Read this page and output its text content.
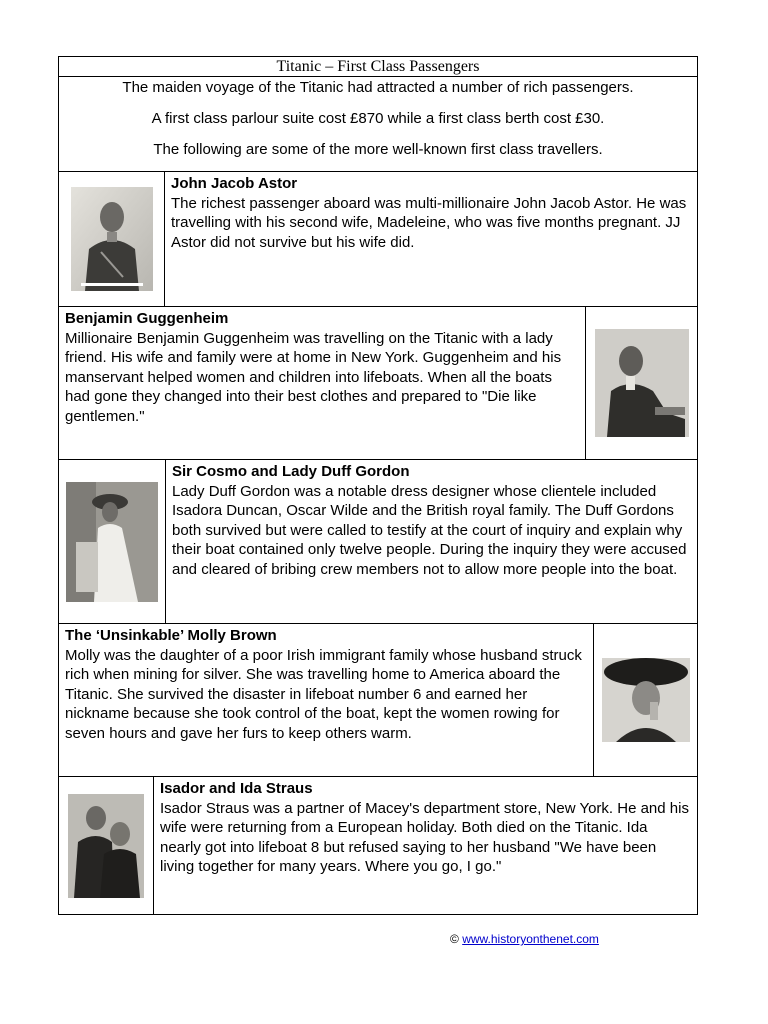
Titanic – First Class Passengers

The maiden voyage of the Titanic had attracted a number of rich passengers.

A first class parlour suite cost £870 while a first class berth cost £30.

The following are some of the more well-known first class travellers.

John Jacob Astor

The richest passenger aboard was multi-millionaire John Jacob Astor. He was travelling with his second wife, Madeleine, who was five months pregnant. JJ Astor did not survive but his wife did.

Benjamin Guggenheim

Millionaire Benjamin Guggenheim was travelling on the Titanic with a lady friend. His wife and family were at home in New York. Guggenheim and his manservant helped women and children into lifeboats. When all the boats had gone they changed into their best clothes and prepared to "Die like gentlemen."

Sir Cosmo and Lady Duff Gordon

Lady Duff Gordon was a notable dress designer whose clientele included Isadora Duncan, Oscar Wilde and the British royal family. The Duff Gordons both survived but were called to testify at the court of inquiry and explain why their boat contained only twelve people. During the inquiry they were accused and cleared of bribing crew members not to allow more people into the boat.

The ‘Unsinkable’ Molly Brown

Molly was the daughter of a poor Irish immigrant family whose husband struck rich when mining for silver. She was travelling home to America aboard the Titanic. She survived the disaster in lifeboat number 6 and earned her nickname because she took control of the boat, kept the women rowing for seven hours and gave her furs to keep others warm.

Isador and Ida Straus

Isador Straus was a partner of Macey's department store, New York. He and his wife were returning from a European holiday. Both died on the Titanic. Ida nearly got into lifeboat 8 but refused saying to her husband "We have been living together for many years. Where you go, I go."

© www.historyonthenet.com
